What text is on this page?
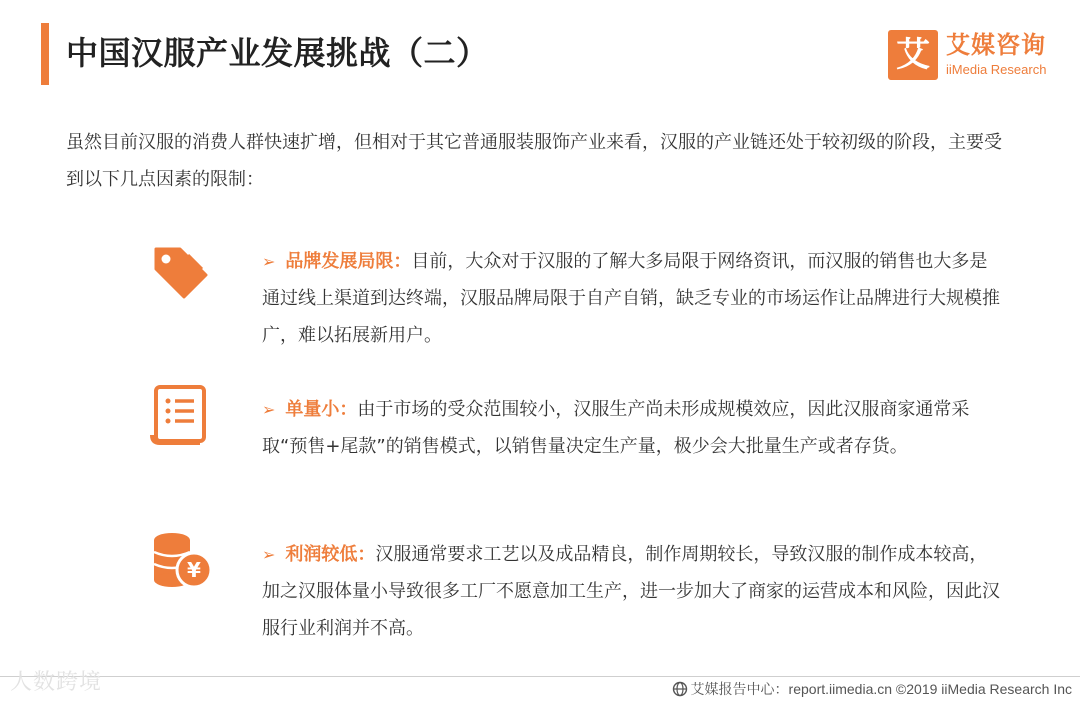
中国汉服产业发展挑战（二）	艾 艾媒咨询
iiMedia Research

虽然目前汉服的消费人群快速扩增，但相对于其它普通服装服饰产业来看，汉服的产业链还处于较初级的阶段，主要受到以下几点因素的限制：

➢ 品牌发展局限：目前，大众对于汉服的了解大多局限于网络资讯，而汉服的销售也大多是通过线上渠道到达终端，汉服品牌局限于自产自销，缺乏专业的市场运作让品牌进行大规模推广，难以拓展新用户。
➢ 单量小：由于市场的受众范围较小，汉服生产尚未形成规模效应，因此汉服商家通常采取“预售+尾款”的销售模式，以销售量决定生产量，极少会大批量生产或者存货。
¥
➢ 利润较低：汉服通常要求工艺以及成品精良，制作周期较长，导致汉服的制作成本较高，加之汉服体量小导致很多工厂不愿意加工生产，进一步加大了商家的运营成本和风险，因此汉服行业利润并不高。
人数跨境	艾媒报告中心：report.iimedia.cn ©2019 iiMedia Research Inc
